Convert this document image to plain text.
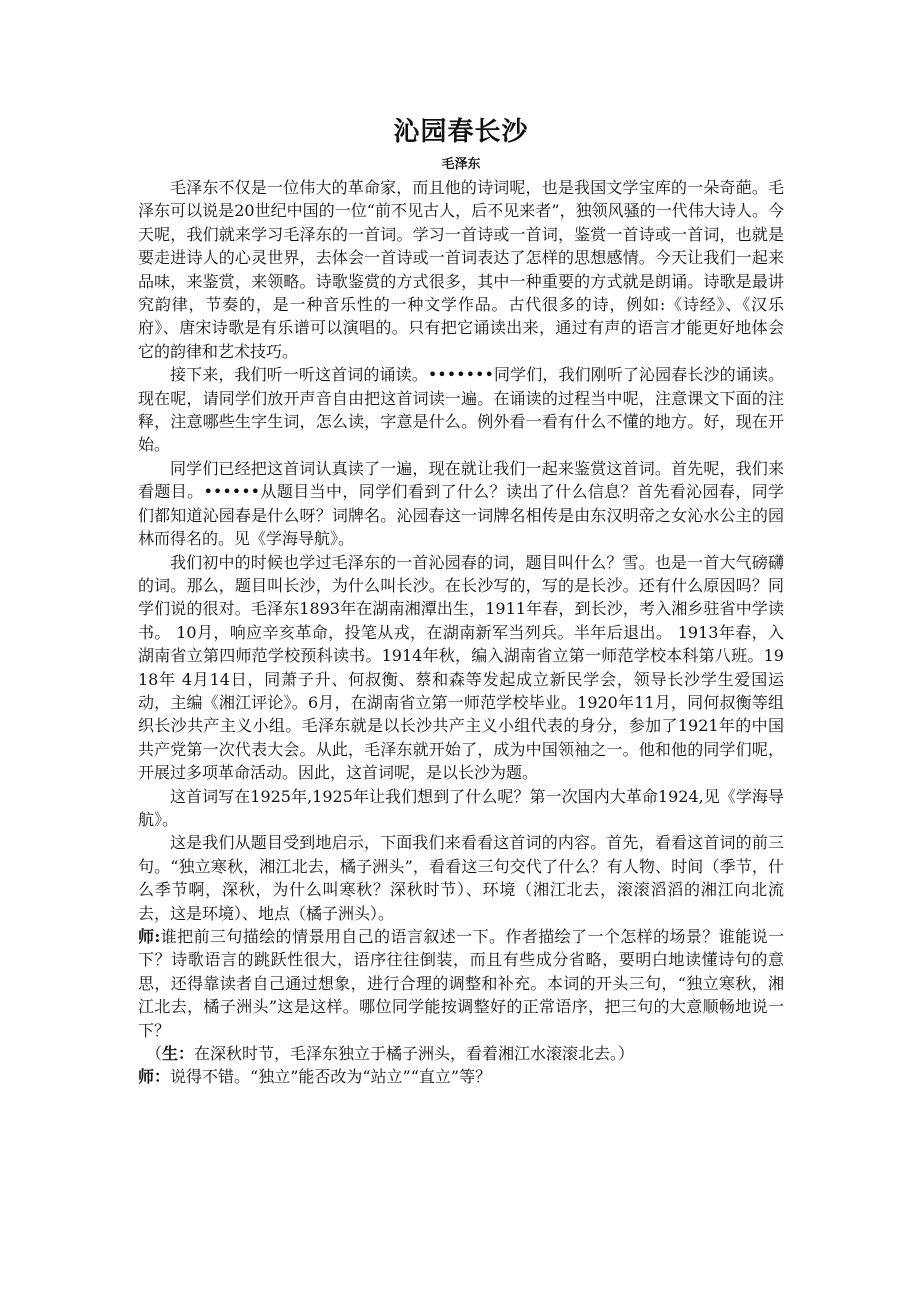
沁园春长沙
毛泽东

毛泽东不仅是一位伟大的革命家，而且他的诗词呢，也是我国文学宝库的一朵奇葩。毛泽东可以说是20世纪中国的一位“前不见古人，后不见来者”，独领风骚的一代伟大诗人。今天呢，我们就来学习毛泽东的一首词。学习一首诗或一首词，鉴赏一首诗或一首词，也就是要走进诗人的心灵世界，去体会一首诗或一首词表达了怎样的思想感情。今天让我们一起来品味，来鉴赏，来领略。诗歌鉴赏的方式很多，其中一种重要的方式就是朗诵。诗歌是最讲究韵律，节奏的，是一种音乐性的一种文学作品。古代很多的诗，例如:《诗经》、《汉乐府》、唐宋诗歌是有乐谱可以演唱的。只有把它诵读出来，通过有声的语言才能更好地体会它的韵律和艺术技巧。

接下来，我们听一听这首词的诵读。•••••••同学们，我们刚听了沁园春长沙的诵读。现在呢，请同学们放开声音自由把这首词读一遍。在诵读的过程当中呢，注意课文下面的注释，注意哪些生字生词，怎么读，字意是什么。例外看一看有什么不懂的地方。好，现在开始。

同学们已经把这首词认真读了一遍，现在就让我们一起来鉴赏这首词。首先呢，我们来看题目。••••••从题目当中，同学们看到了什么？读出了什么信息？首先看沁园春，同学们都知道沁园春是什么呀？词牌名。沁园春这一词牌名相传是由东汉明帝之女沁水公主的园林而得名的。见《学海导航》。

我们初中的时候也学过毛泽东的一首沁园春的词，题目叫什么？雪。也是一首大气磅礴的词。那么，题目叫长沙，为什么叫长沙。在长沙写的，写的是长沙。还有什么原因吗？同学们说的很对。毛泽东1893年在湖南湘潭出生，1911年春，到长沙，考入湘乡驻省中学读书。 10月，响应辛亥革命，投笔从戎，在湖南新军当列兵。半年后退出。 1913年春，入湖南省立第四师范学校预科读书。1914年秋，编入湖南省立第一师范学校本科第八班。1918年 4月14日，同萧子升、何叔衡、蔡和森等发起成立新民学会，领导长沙学生爱国运动，主编《湘江评论》。6月，在湖南省立第一师范学校毕业。1920年11月，同何叔衡等组织长沙共产主义小组。毛泽东就是以长沙共产主义小组代表的身分，参加了1921年的中国共产党第一次代表大会。从此，毛泽东就开始了，成为中国领袖之一。他和他的同学们呢，开展过多项革命活动。因此，这首词呢，是以长沙为题。

这首词写在1925年,1925年让我们想到了什么呢？第一次国内大革命1924,见《学海导航》。

这是我们从题目受到地启示，下面我们来看看这首词的内容。首先，看看这首词的前三句。“独立寒秋，湘江北去，橘子洲头”，看看这三句交代了什么？有人物、时间（季节，什么季节啊，深秋，为什么叫寒秋？深秋时节）、环境（湘江北去，滚滚滔滔的湘江向北流去，这是环境）、地点（橘子洲头）。

师:谁把前三句描绘的情景用自己的语言叙述一下。作者描绘了一个怎样的场景？谁能说一下？诗歌语言的跳跃性很大，语序往往倒装，而且有些成分省略，要明白地读懂诗句的意思，还得靠读者自己通过想象，进行合理的调整和补充。本词的开头三句，“独立寒秋，湘江北去，橘子洲头”这是这样。哪位同学能按调整好的正常语序，把三句的大意顺畅地说一下？

（生：在深秋时节，毛泽东独立于橘子洲头，看着湘江水滚滚北去。）

师：说得不错。“独立”能否改为“站立”“直立”等？
